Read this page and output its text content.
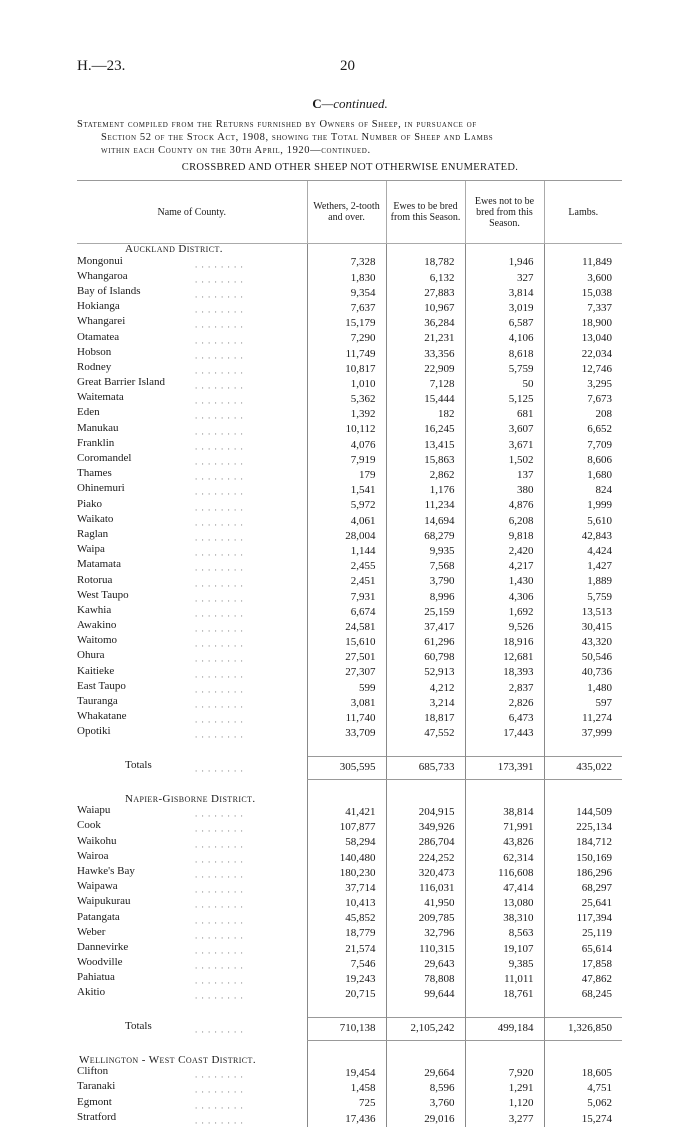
H.—23.	20
C—continued.
Statement compiled from the Returns furnished by Owners of Sheep, in pursuance of
Section 52 of the Stock Act, 1908, showing the Total Number of Sheep and Lambs
within each County on the 30th April, 1920—continued.
CROSSBRED AND OTHER SHEEP NOT OTHERWISE ENUMERATED.
Name of County.	Wethers, 2-tooth and over.	Ewes to be bred from this Season.	Ewes not to be bred from this Season.	Lambs.
Auckland District.				
Mongonui . . . . . . . .	7,328	18,782	1,946	11,849
Whangaroa . . . . . . . .	1,830	6,132	327	3,600
Bay of Islands . . . . . . . .	9,354	27,883	3,814	15,038
Hokianga . . . . . . . .	7,637	10,967	3,019	7,337
Whangarei . . . . . . . .	15,179	36,284	6,587	18,900
Otamatea . . . . . . . .	7,290	21,231	4,106	13,040
Hobson . . . . . . . .	11,749	33,356	8,618	22,034
Rodney . . . . . . . .	10,817	22,909	5,759	12,746
Great Barrier Island . . . . . . . .	1,010	7,128	50	3,295
Waitemata . . . . . . . .	5,362	15,444	5,125	7,673
Eden . . . . . . . .	1,392	182	681	208
Manukau . . . . . . . .	10,112	16,245	3,607	6,652
Franklin . . . . . . . .	4,076	13,415	3,671	7,709
Coromandel . . . . . . . .	7,919	15,863	1,502	8,606
Thames . . . . . . . .	179	2,862	137	1,680
Ohinemuri . . . . . . . .	1,541	1,176	380	824
Piako . . . . . . . .	5,972	11,234	4,876	1,999
Waikato . . . . . . . .	4,061	14,694	6,208	5,610
Raglan . . . . . . . .	28,004	68,279	9,818	42,843
Waipa . . . . . . . .	1,144	9,935	2,420	4,424
Matamata . . . . . . . .	2,455	7,568	4,217	1,427
Rotorua . . . . . . . .	2,451	3,790	1,430	1,889
West Taupo . . . . . . . .	7,931	8,996	4,306	5,759
Kawhia . . . . . . . .	6,674	25,159	1,692	13,513
Awakino . . . . . . . .	24,581	37,417	9,526	30,415
Waitomo . . . . . . . .	15,610	61,296	18,916	43,320
Ohura . . . . . . . .	27,501	60,798	12,681	50,546
Kaitieke . . . . . . . .	27,307	52,913	18,393	40,736
East Taupo . . . . . . . .	599	4,212	2,837	1,480
Tauranga . . . . . . . .	3,081	3,214	2,826	597
Whakatane . . . . . . . .	11,740	18,817	6,473	11,274
Opotiki . . . . . . . .	33,709	47,552	17,443	37,999

Totals . . . . . . . .	305,595	685,733	173,391	435,022

Napier-Gisborne District.				
Waiapu . . . . . . . .	41,421	204,915	38,814	144,509
Cook . . . . . . . .	107,877	349,926	71,991	225,134
Waikohu . . . . . . . .	58,294	286,704	43,826	184,712
Wairoa . . . . . . . .	140,480	224,252	62,314	150,169
Hawke's Bay . . . . . . . .	180,230	320,473	116,608	186,296
Waipawa . . . . . . . .	37,714	116,031	47,414	68,297
Waipukurau . . . . . . . .	10,413	41,950	13,080	25,641
Patangata . . . . . . . .	45,852	209,785	38,310	117,394
Weber . . . . . . . .	18,779	32,796	8,563	25,119
Dannevirke . . . . . . . .	21,574	110,315	19,107	65,614
Woodville . . . . . . . .	7,546	29,643	9,385	17,858
Pahiatua . . . . . . . .	19,243	78,808	11,011	47,862
Akitio . . . . . . . .	20,715	99,644	18,761	68,245

Totals . . . . . . . .	710,138	2,105,242	499,184	1,326,850

Wellington - West Coast District.				
Clifton . . . . . . . .	19,454	29,664	7,920	18,605
Taranaki . . . . . . . .	1,458	8,596	1,291	4,751
Egmont . . . . . . . .	725	3,760	1,120	5,062
Stratford . . . . . . . .	17,436	29,016	3,277	15,274
